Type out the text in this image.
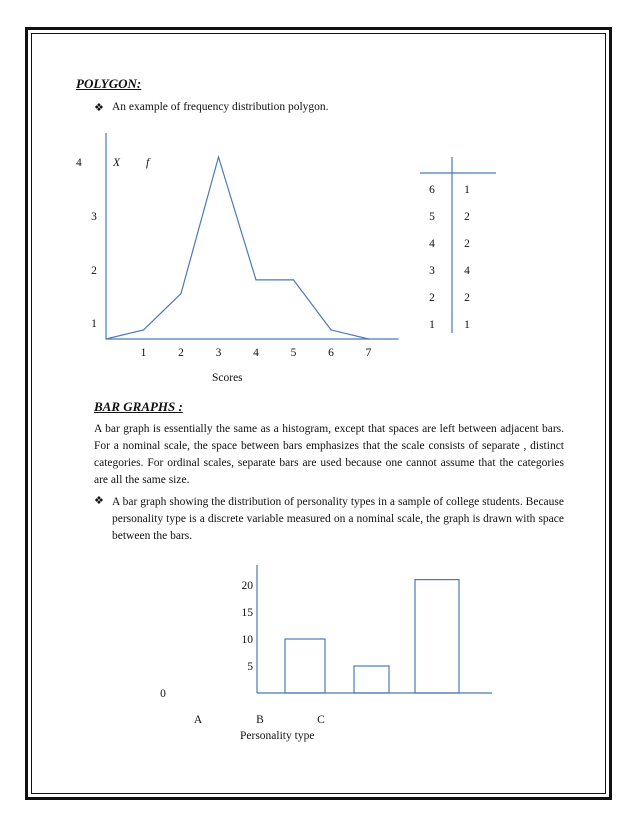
POLYGON:
❖ An example of frequency distribution polygon.
4	X f
1	2	3	4	5	6	7
1
2
3
Scores
6	1
5	2
4	2
3	4
2	2
1	1
BAR GRAPHS :
A bar graph is essentially the same as a histogram, except that spaces are left between adjacent bars. For a nominal scale, the space between bars emphasizes that the scale consists of separate , distinct categories. For ordinal scales, separate bars are used because one cannot assume that the categories are all the same size.
❖ A bar graph showing the distribution of personality types in a sample of college students. Because personality type is a discrete variable measured on a nominal scale, the graph is drawn with space between the bars.
5
10
15
20
0
A	B	C
Personality type
